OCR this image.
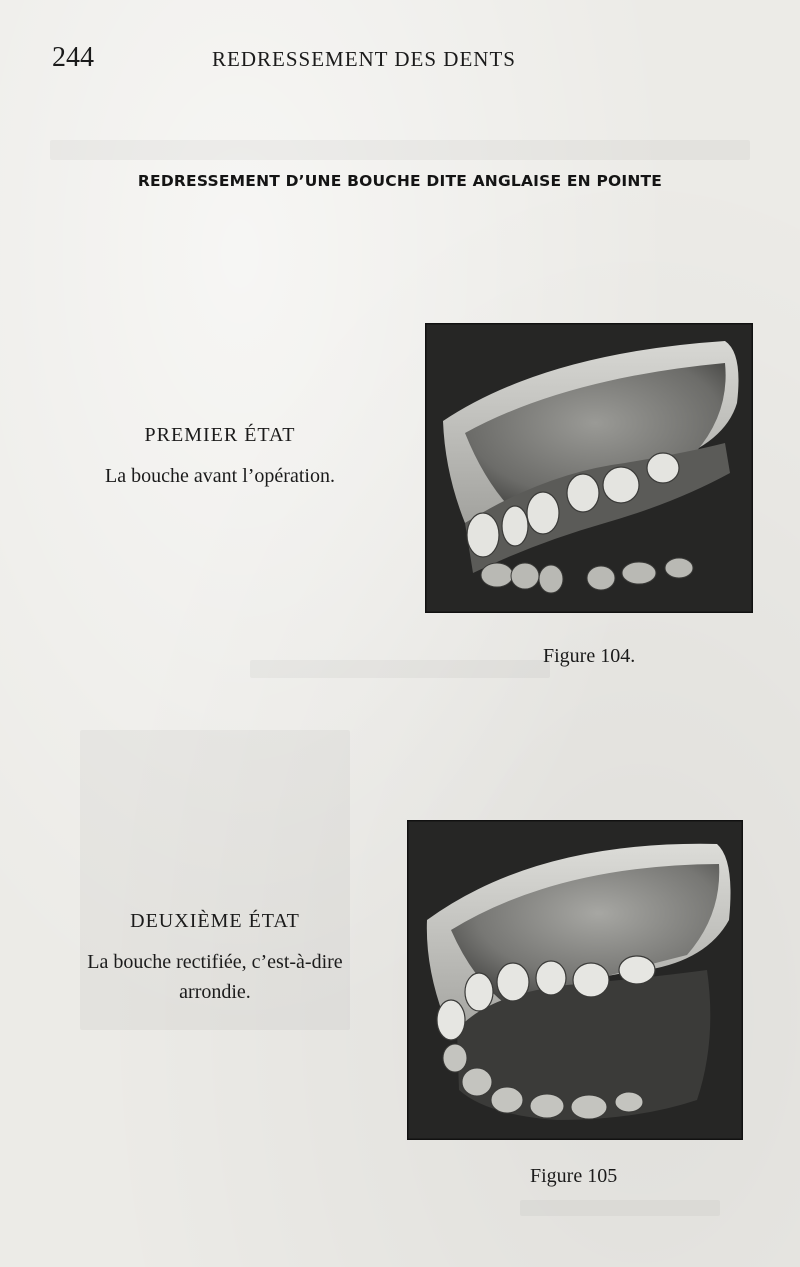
244	REDRESSEMENT DES DENTS
REDRESSEMENT D’UNE BOUCHE DITE ANGLAISE EN POINTE
PREMIER ÉTAT
La bouche avant l’opération.
Figure 104.
DEUXIÈME ÉTAT
La bouche rectifiée, c’est-à-dire
arrondie.
Figure 105
